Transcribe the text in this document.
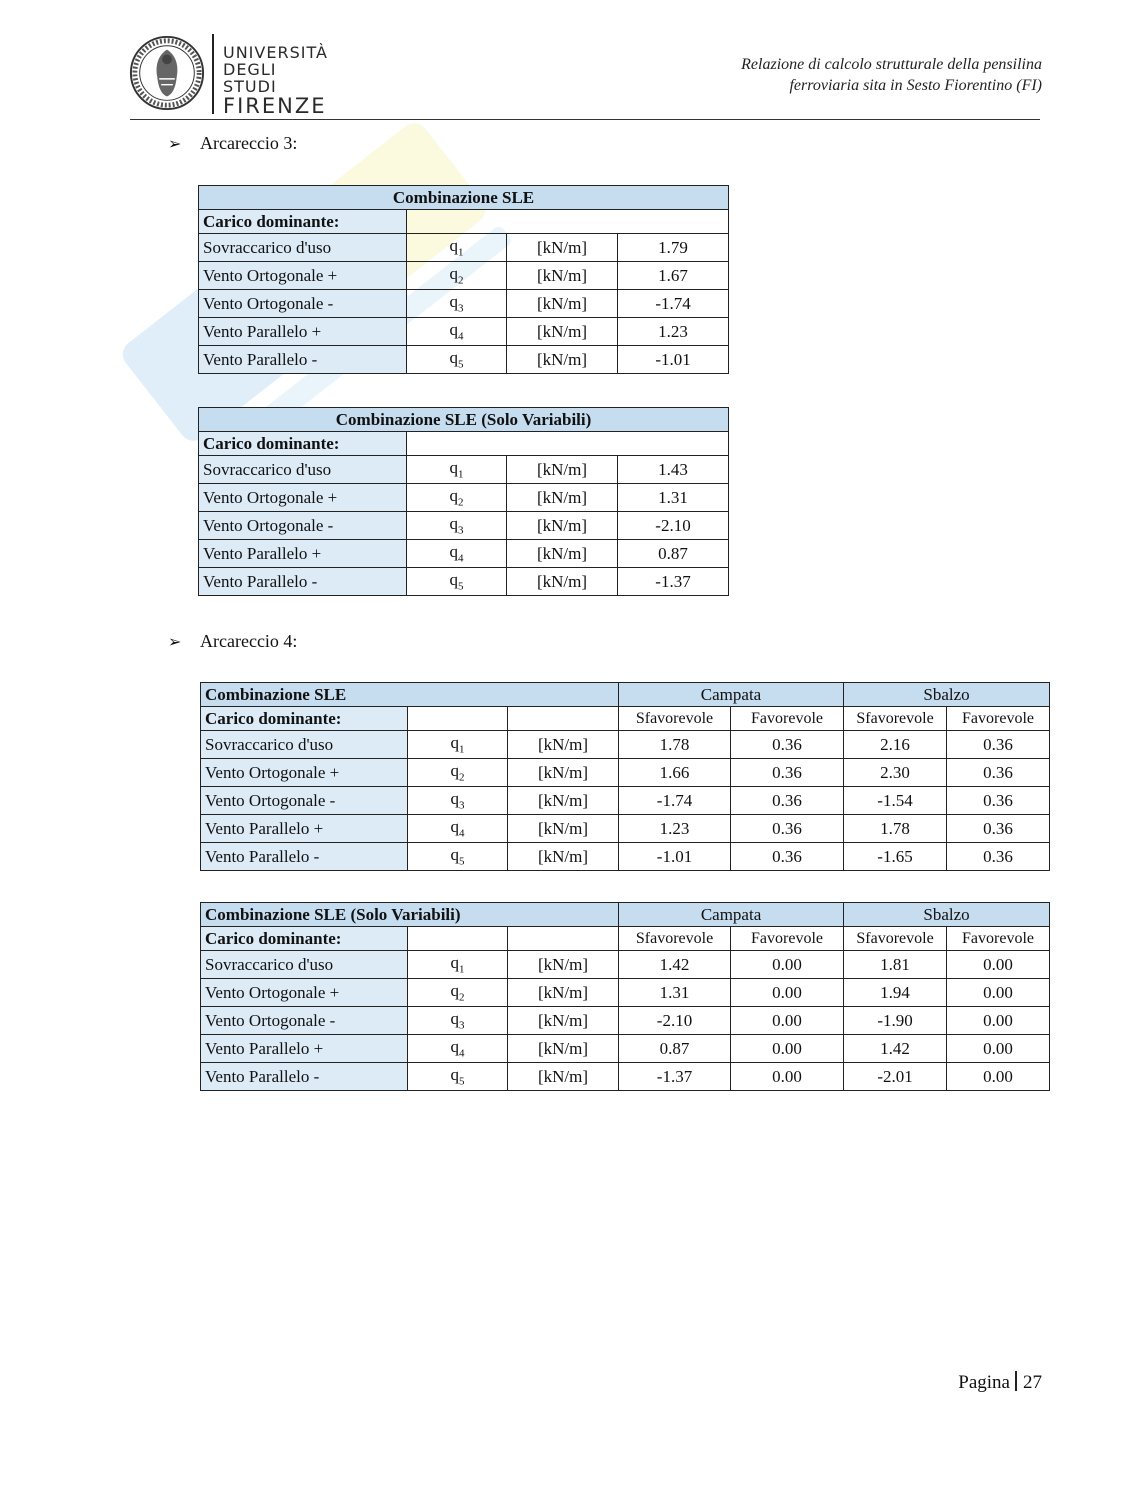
UNIVERSITÀ
DEGLI STUDI
FIRENZE
Relazione di calcolo strutturale della pensilina
ferroviaria sita in Sesto Fiorentino (FI)
➢ Arcareccio 3:
Combinazione SLE			
Carico dominante:			
Sovraccarico d'uso	$q_1$	[kN/m]	1.79
Vento Ortogonale +	$q_2$	[kN/m]	1.67
Vento Ortogonale -	$q_3$	[kN/m]	-1.74
Vento Parallelo +	$q_4$	[kN/m]	1.23
Vento Parallelo -	$q_5$	[kN/m]	-1.01
Combinazione SLE (Solo Variabili)			
Carico dominante:			
Sovraccarico d'uso	$q_1$	[kN/m]	1.43
Vento Ortogonale +	$q_2$	[kN/m]	1.31
Vento Ortogonale -	$q_3$	[kN/m]	-2.10
Vento Parallelo +	$q_4$	[kN/m]	0.87
Vento Parallelo -	$q_5$	[kN/m]	-1.37
➢ Arcareccio 4:
Combinazione SLE			Campata		Sbalzo	
Carico dominante:			Sfavorevole	Favorevole	Sfavorevole	Favorevole
Sovraccarico d'uso	$q_1$	[kN/m]	1.78	0.36	2.16	0.36
Vento Ortogonale +	$q_2$	[kN/m]	1.66	0.36	2.30	0.36
Vento Ortogonale -	$q_3$	[kN/m]	-1.74	0.36	-1.54	0.36
Vento Parallelo +	$q_4$	[kN/m]	1.23	0.36	1.78	0.36
Vento Parallelo -	$q_5$	[kN/m]	-1.01	0.36	-1.65	0.36
Combinazione SLE (Solo Variabili)			Campata		Sbalzo	
Carico dominante:			Sfavorevole	Favorevole	Sfavorevole	Favorevole
Sovraccarico d'uso	$q_1$	[kN/m]	1.42	0.00	1.81	0.00
Vento Ortogonale +	$q_2$	[kN/m]	1.31	0.00	1.94	0.00
Vento Ortogonale -	$q_3$	[kN/m]	-2.10	0.00	-1.90	0.00
Vento Parallelo +	$q_4$	[kN/m]	0.87	0.00	1.42	0.00
Vento Parallelo -	$q_5$	[kN/m]	-1.37	0.00	-2.01	0.00
Pagina 27
